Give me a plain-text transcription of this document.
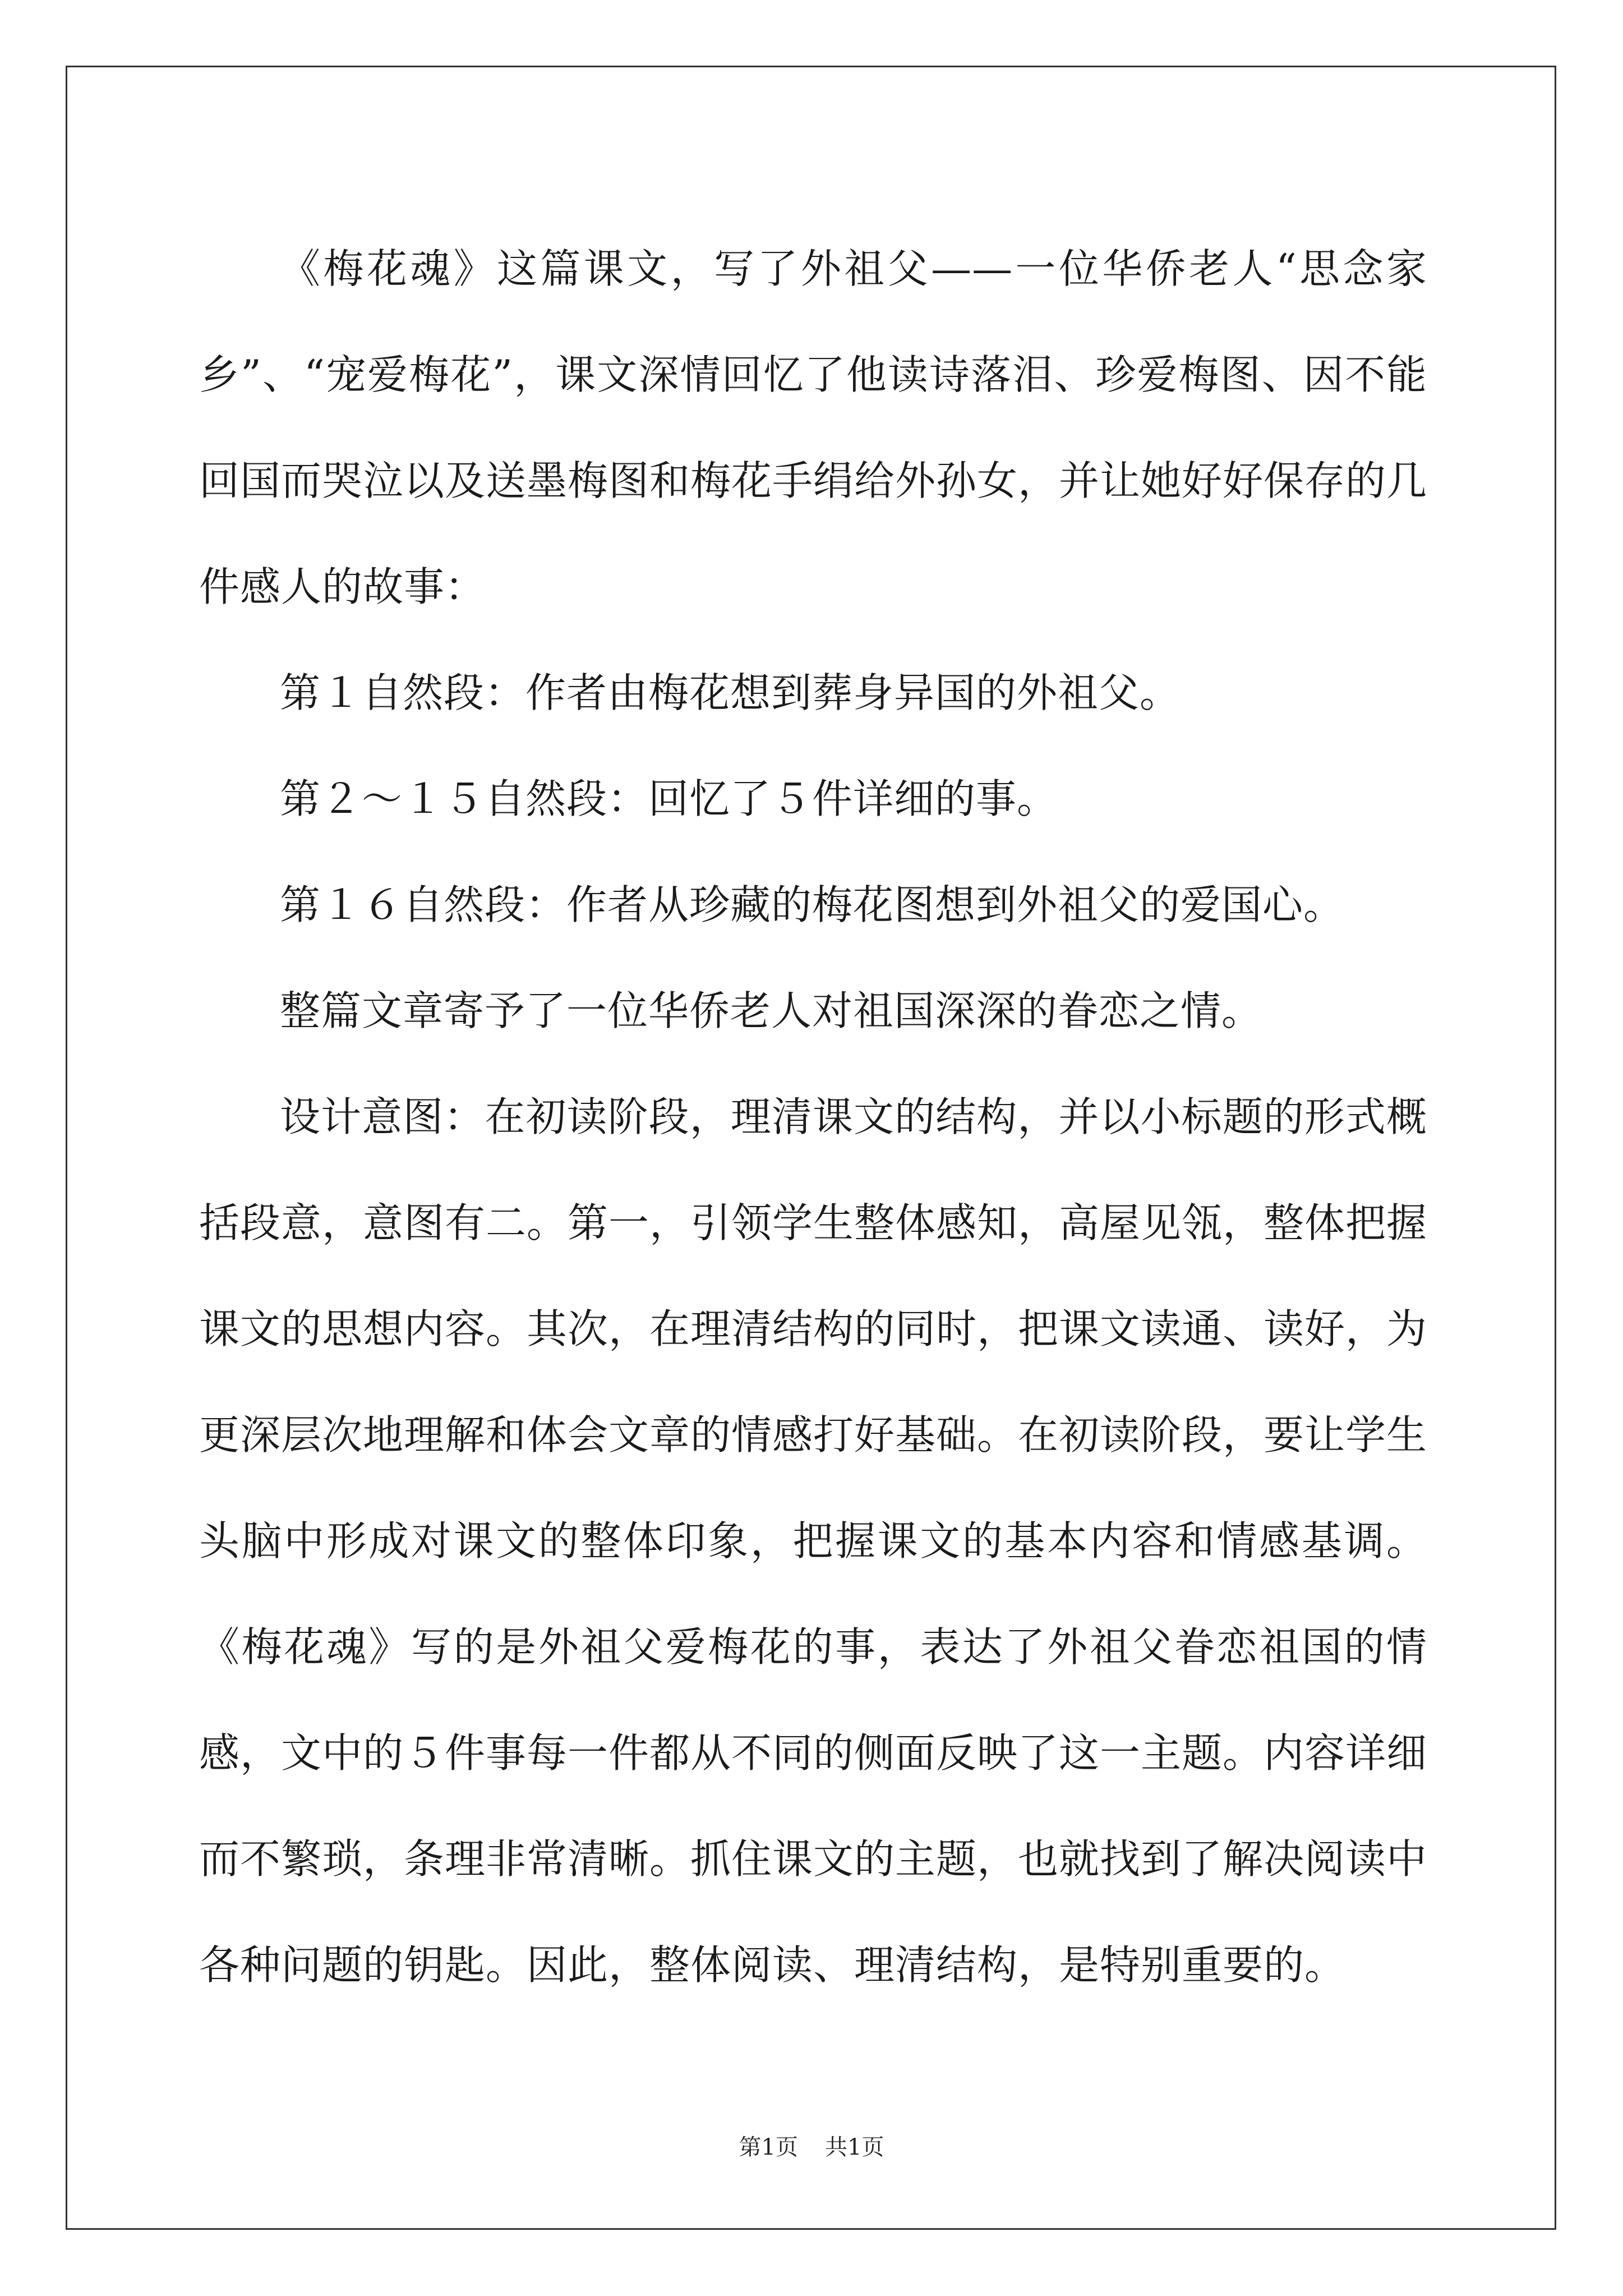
《梅花魂》这篇课文，写了外祖父——一位华侨老人“思念家乡”、“宠爱梅花”，课文深情回忆了他读诗落泪、珍爱梅图、因不能回国而哭泣以及送墨梅图和梅花手绢给外孙女，并让她好好保存的几件感人的故事：

第１自然段：作者由梅花想到葬身异国的外祖父。

第２～１５自然段：回忆了５件详细的事。

第１６自然段：作者从珍藏的梅花图想到外祖父的爱国心。

整篇文章寄予了一位华侨老人对祖国深深的眷恋之情。

设计意图：在初读阶段，理清课文的结构，并以小标题的形式概括段意，意图有二。第一，引领学生整体感知，高屋见瓴，整体把握课文的思想内容。其次，在理清结构的同时，把课文读通、读好，为更深层次地理解和体会文章的情感打好基础。在初读阶段，要让学生头脑中形成对课文的整体印象，把握课文的基本内容和情感基调。《梅花魂》写的是外祖父爱梅花的事，表达了外祖父眷恋祖国的情感，文中的５件事每一件都从不同的侧面反映了这一主题。内容详细而不繁琐，条理非常清晰。抓住课文的主题，也就找到了解决阅读中各种问题的钥匙。因此，整体阅读、理清结构，是特别重要的。

第1页 共1页
